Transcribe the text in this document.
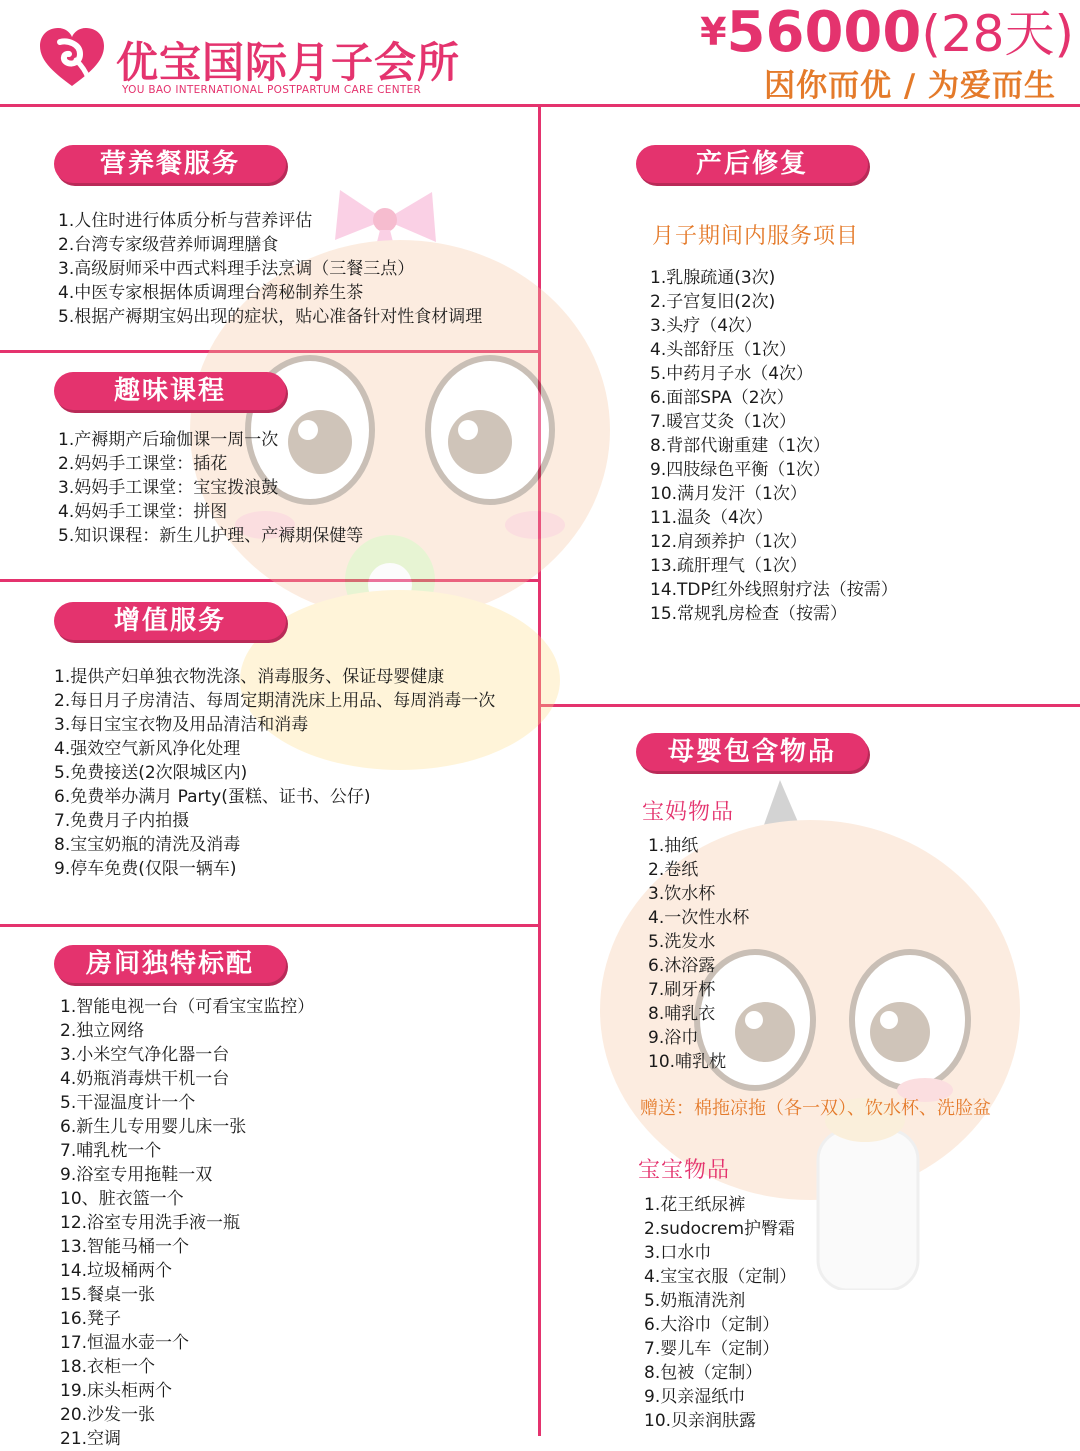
优宝国际月子会所
YOU BAO INTERNATIONAL POSTPARTUM CARE CENTER
¥56000(28天)
因你而优 / 为爱而生
营养餐服务
1.人住时进行体质分析与营养评估
2.台湾专家级营养师调理膳食
3.高级厨师采中西式料理手法烹调（三餐三点）
4.中医专家根据体质调理台湾秘制养生茶
5.根据产褥期宝妈出现的症状，贴心准备针对性食材调理
趣味课程
1.产褥期产后瑜伽课一周一次
2.妈妈手工课堂：插花
3.妈妈手工课堂：宝宝拨浪鼓
4.妈妈手工课堂：拼图
5.知识课程：新生儿护理、产褥期保健等
增值服务
1.提供产妇单独衣物洗涤、消毒服务、保证母婴健康
2.每日月子房清洁、每周定期清洗床上用品、每周消毒一次
3.每日宝宝衣物及用品清洁和消毒
4.强效空气新风净化处理
5.免费接送(2次限城区内)
6.免费举办满月 Party(蛋糕、证书、公仔)
7.免费月子内拍摄
8.宝宝奶瓶的清洗及消毒
9.停车免费(仅限一辆车)
房间独特标配
1.智能电视一台（可看宝宝监控）
2.独立网络
3.小米空气净化器一台
4.奶瓶消毒烘干机一台
5.干湿温度计一个
6.新生儿专用婴儿床一张
7.哺乳枕一个
9.浴室专用拖鞋一双
10、脏衣篮一个
12.浴室专用洗手液一瓶
13.智能马桶一个
14.垃圾桶两个
15.餐桌一张
16.凳子
17.恒温水壶一个
18.衣柜一个
19.床头柜两个
20.沙发一张
21.空调
产后修复
月子期间内服务项目
1.乳腺疏通(3次)
2.子宫复旧(2次)
3.头疗（4次）
4.头部舒压（1次）
5.中药月子水（4次）
6.面部SPA（2次）
7.暖宫艾灸（1次）
8.背部代谢重建（1次）
9.四肢绿色平衡（1次）
10.满月发汗（1次）
11.温灸（4次）
12.肩颈养护（1次）
13.疏肝理气（1次）
14.TDP红外线照射疗法（按需）
15.常规乳房检查（按需）
母婴包含物品
宝妈物品
1.抽纸
2.卷纸
3.饮水杯
4.一次性水杯
5.洗发水
6.沐浴露
7.刷牙杯
8.哺乳衣
9.浴巾
10.哺乳枕
赠送：棉拖凉拖（各一双）、饮水杯、洗脸盆
宝宝物品
1.花王纸尿裤
2.sudocrem护臀霜
3.口水巾
4.宝宝衣服（定制）
5.奶瓶清洗剂
6.大浴巾（定制）
7.婴儿车（定制）
8.包被（定制）
9.贝亲湿纸巾
10.贝亲润肤露
